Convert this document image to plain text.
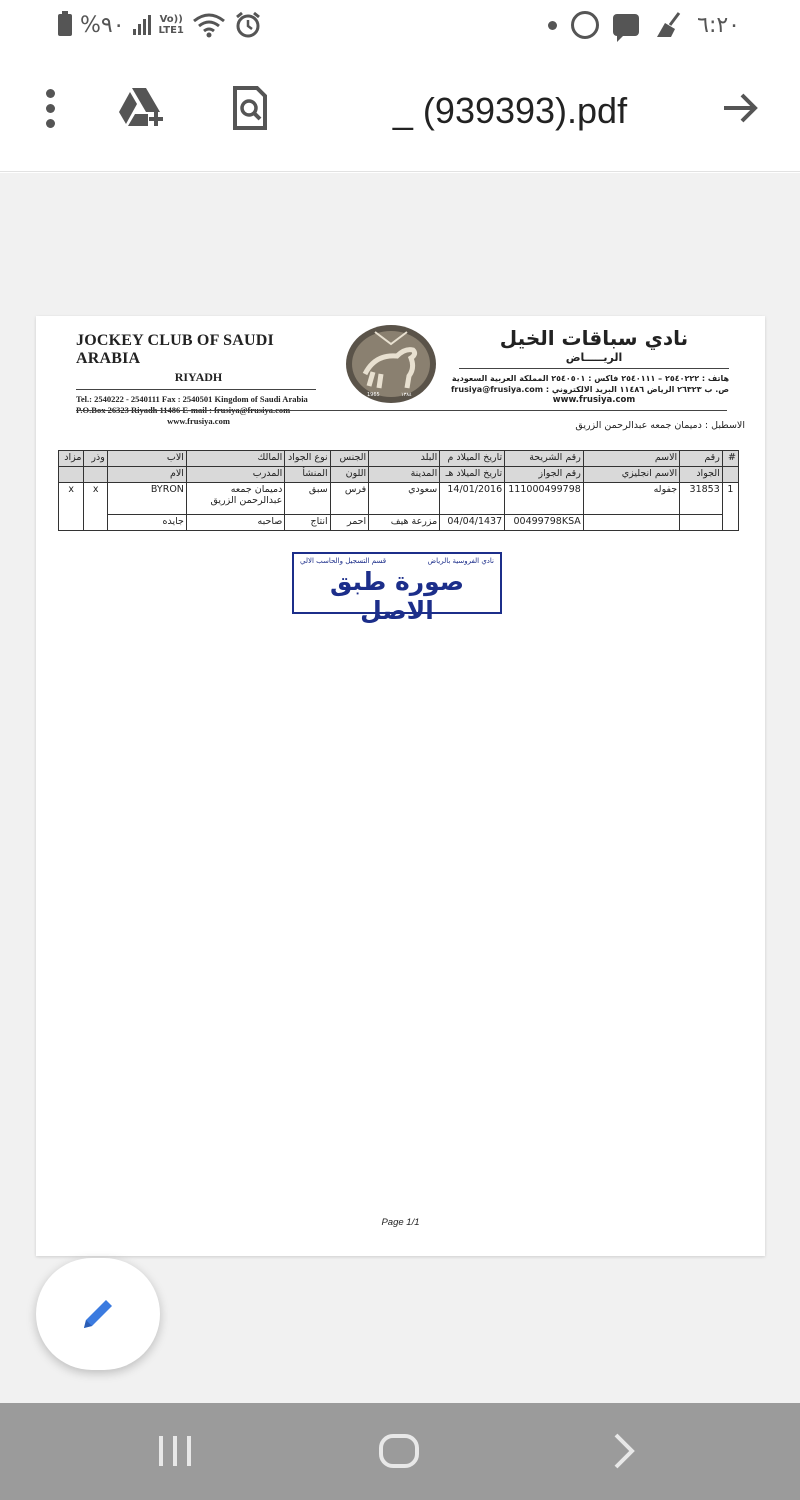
%٩٠	Vo))
LTE1	٦:٢٠
_ (939393).pdf
JOCKEY CLUB OF SAUDI ARABIA
RIYADH
Tel.: 2540222 - 2540111 Fax : 2540501 Kingdom of Saudi Arabia
P.O.Box 26323 Riyadh 11486 E-mail : frusiya@frusiya.com
www.frusiya.com
1965	١٣٨٤
نادي سباقات الخيل
الريـــــاض
هاتف : ٢٥٤٠٢٢٢ – ٢٥٤٠١١١ فاكس : ٢٥٤٠٥٠١ المملكة العربية السعودية
ص. ب ٢٦٣٢٣ الرياض ١١٤٨٦ البريد الالكتروني : frusiya@frusiya.com
www.frusiya.com
الاسطبل : دميمان جمعه عبدالرحمن الزريق
#	رقم	الاسم	رقم الشريحة	تاريخ الميلاد م	البلد	الجنس	نوع الجواد	المالك	الاب	وذر	مزاد
	الجواد	الاسم انجليزي	رقم الجواز	تاريخ الميلاد هـ	المدينة	اللون	المنشأ	المدرب	الام		
1	31853	جفوله	111000499798	14/01/2016	سعودي	فرس	سبق	دميمان جمعه
عبدالرحمن الزريق	BYRON	x	x
			00499798KSA	04/04/1437	مزرعة هيف	احمر	انتاج	صاحبه	جايده		
نادي الفروسية بالرياض
قسم التسجيل والحاسب الالي
صورة طبق الاصل
Page 1/1
